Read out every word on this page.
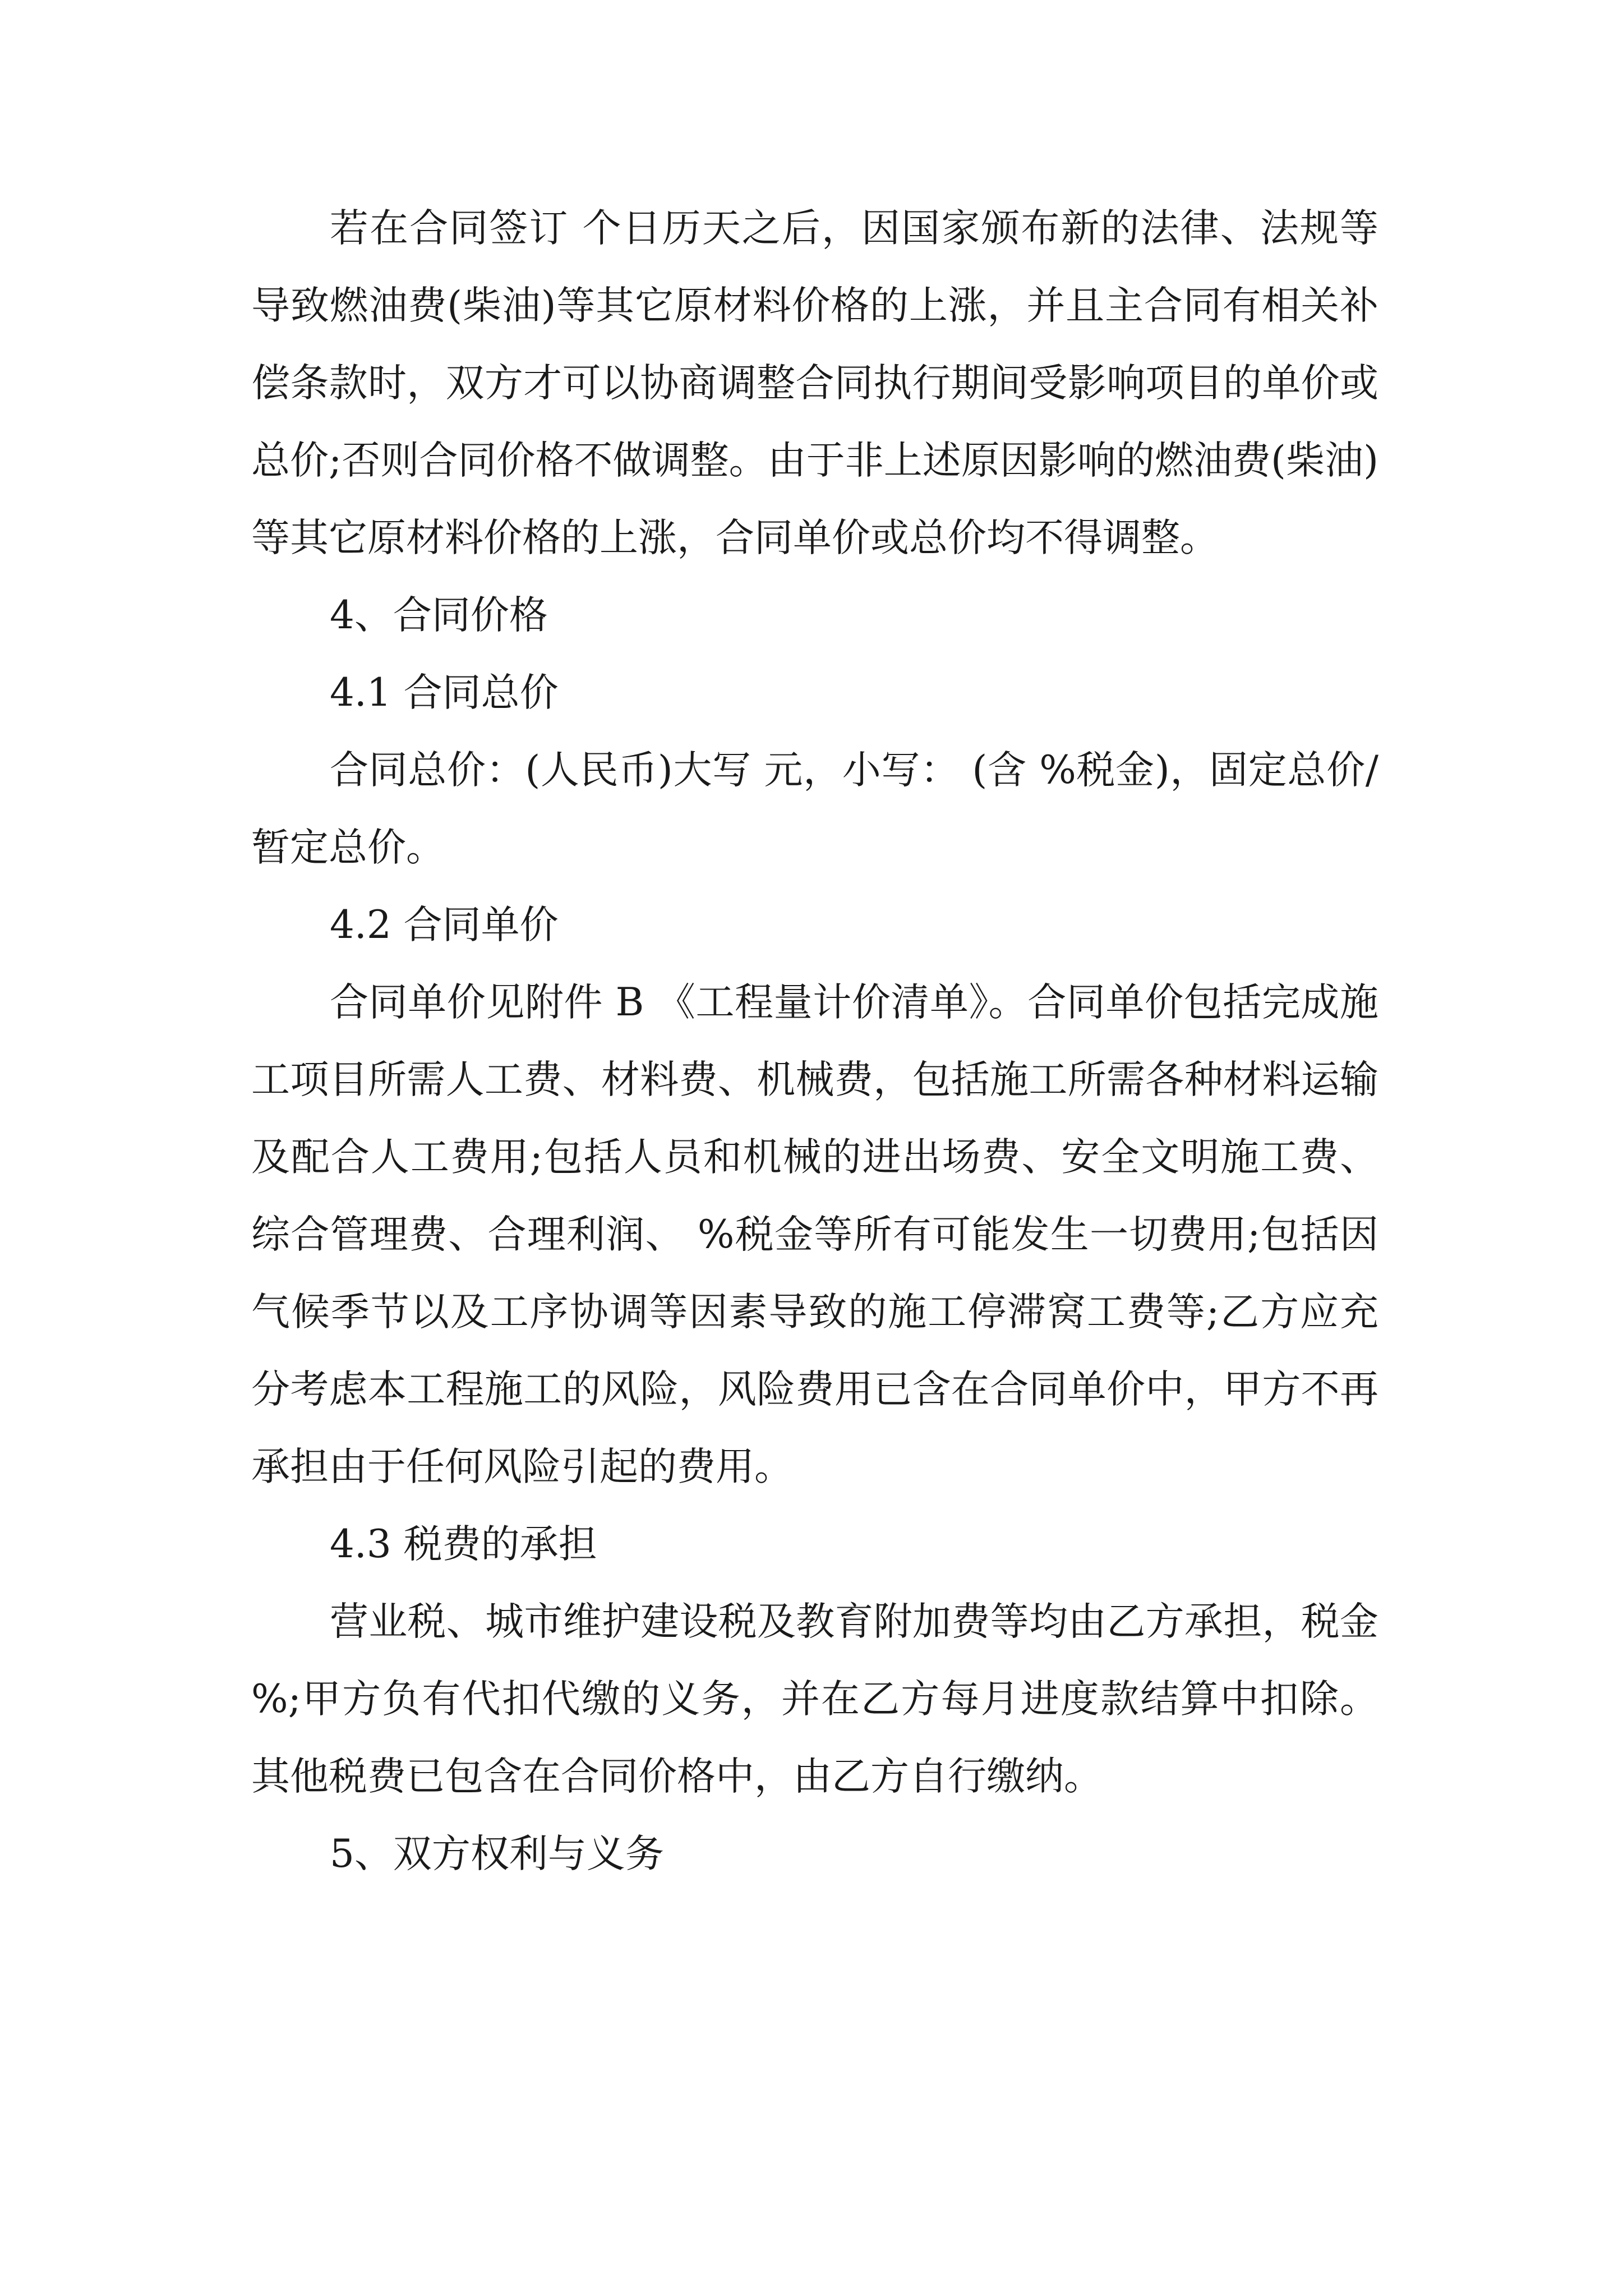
若在合同签订 个日历天之后，因国家颁布新的法律、法规等导致燃油费(柴油)等其它原材料价格的上涨，并且主合同有相关补偿条款时，双方才可以协商调整合同执行期间受影响项目的单价或总价;否则合同价格不做调整。由于非上述原因影响的燃油费(柴油)等其它原材料价格的上涨，合同单价或总价均不得调整。

4、合同价格

4.1 合同总价

合同总价：(人民币)大写 元，小写： (含 %税金)，固定总价/暂定总价。

4.2 合同单价

合同单价见附件 B 《工程量计价清单》。合同单价包括完成施工项目所需人工费、材料费、机械费，包括施工所需各种材料运输及配合人工费用;包括人员和机械的进出场费、安全文明施工费、综合管理费、合理利润、 %税金等所有可能发生一切费用;包括因气候季节以及工序协调等因素导致的施工停滞窝工费等;乙方应充分考虑本工程施工的风险，风险费用已含在合同单价中，甲方不再承担由于任何风险引起的费用。

4.3 税费的承担

营业税、城市维护建设税及教育附加费等均由乙方承担，税金 %;甲方负有代扣代缴的义务，并在乙方每月进度款结算中扣除。其他税费已包含在合同价格中，由乙方自行缴纳。

5、双方权利与义务
